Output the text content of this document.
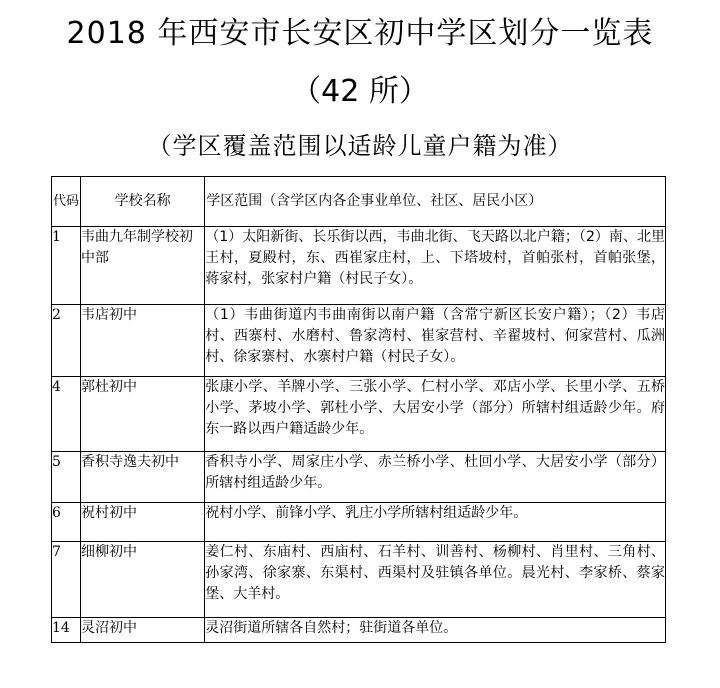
2018 年西安市长安区初中学区划分一览表
（42 所）
（学区覆盖范围以适龄儿童户籍为准）
代码	学校名称	学区范围（含学区内各企事业单位、社区、居民小区）
1	韦曲九年制学校初中部	（1）太阳新街、长乐街以西，韦曲北街、飞天路以北户籍；（2）南、北里王村，夏殿村，东、西崔家庄村，上、下塔坡村，首帕张村，首帕张堡，蒋家村，张家村户籍（村民子女）。
2	韦店初中	（1）韦曲街道内韦曲南街以南户籍（含常宁新区长安户籍）；（2）韦店村、西寨村、水磨村、鲁家湾村、崔家营村、辛翟坡村、何家营村、瓜洲村、徐家寨村、水寨村户籍（村民子女）。
4	郭杜初中	张康小学、羊牌小学、三张小学、仁村小学、邓店小学、长里小学、五桥小学、茅坡小学、郭杜小学、大居安小学（部分）所辖村组适龄少年。府东一路以西户籍适龄少年。
5	香积寺逸夫初中	香积寺小学、周家庄小学、赤兰桥小学、杜回小学、大居安小学（部分）所辖村组适龄少年。
6	祝村初中	祝村小学、前锋小学、乳庄小学所辖村组适龄少年。
7	细柳初中	姜仁村、东庙村、西庙村、石羊村、训善村、杨柳村、肖里村、三角村、孙家湾、徐家寨、东渠村、西渠村及驻镇各单位。晨光村、李家桥、蔡家堡、大羊村。
14	灵沼初中	灵沼街道所辖各自然村；驻街道各单位。
